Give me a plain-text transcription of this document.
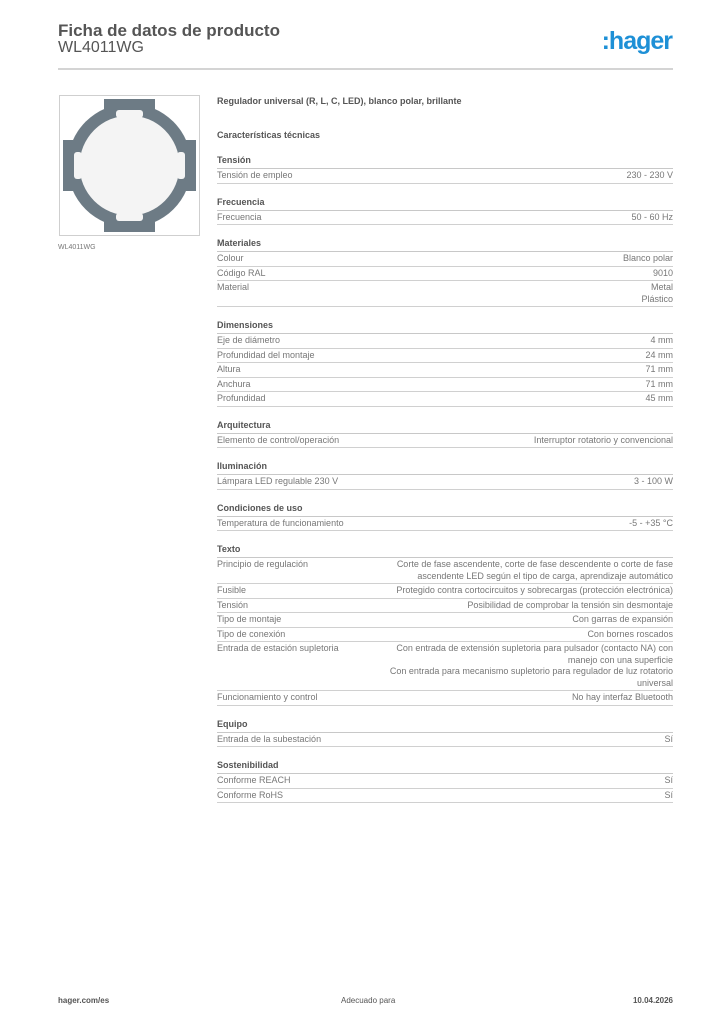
Ficha de datos de producto
WL4011WG	:hager
WL4011WG
Regulador universal (R, L, C, LED), blanco polar, brillante
Características técnicas
Tensión
Tensión de empleo	230 - 230 V
Frecuencia
Frecuencia	50 - 60 Hz
Materiales
Colour	Blanco polar
Código RAL	9010
Material	Metal
Plástico
Dimensiones
Eje de diámetro	4 mm
Profundidad del montaje	24 mm
Altura	71 mm
Anchura	71 mm
Profundidad	45 mm
Arquitectura
Elemento de control/operación	Interruptor rotatorio y convencional
Iluminación
Lámpara LED regulable 230 V	3 - 100 W
Condiciones de uso
Temperatura de funcionamiento	-5 - +35 °C
Texto
Principio de regulación	Corte de fase ascendente, corte de fase descendente o corte de fase
ascendente LED según el tipo de carga, aprendizaje automático
Fusible	Protegido contra cortocircuitos y sobrecargas (protección electrónica)
Tensión	Posibilidad de comprobar la tensión sin desmontaje
Tipo de montaje	Con garras de expansión
Tipo de conexión	Con bornes roscados
Entrada de estación supletoria	Con entrada de extensión supletoria para pulsador (contacto NA) con
manejo con una superficie
Con entrada para mecanismo supletorio para regulador de luz rotatorio
universal
Funcionamiento y control	No hay interfaz Bluetooth
Equipo
Entrada de la subestación	Sí
Sostenibilidad
Conforme REACH	Sí
Conforme RoHS	Sí
hager.com/es	Adecuado para	10.04.2026
